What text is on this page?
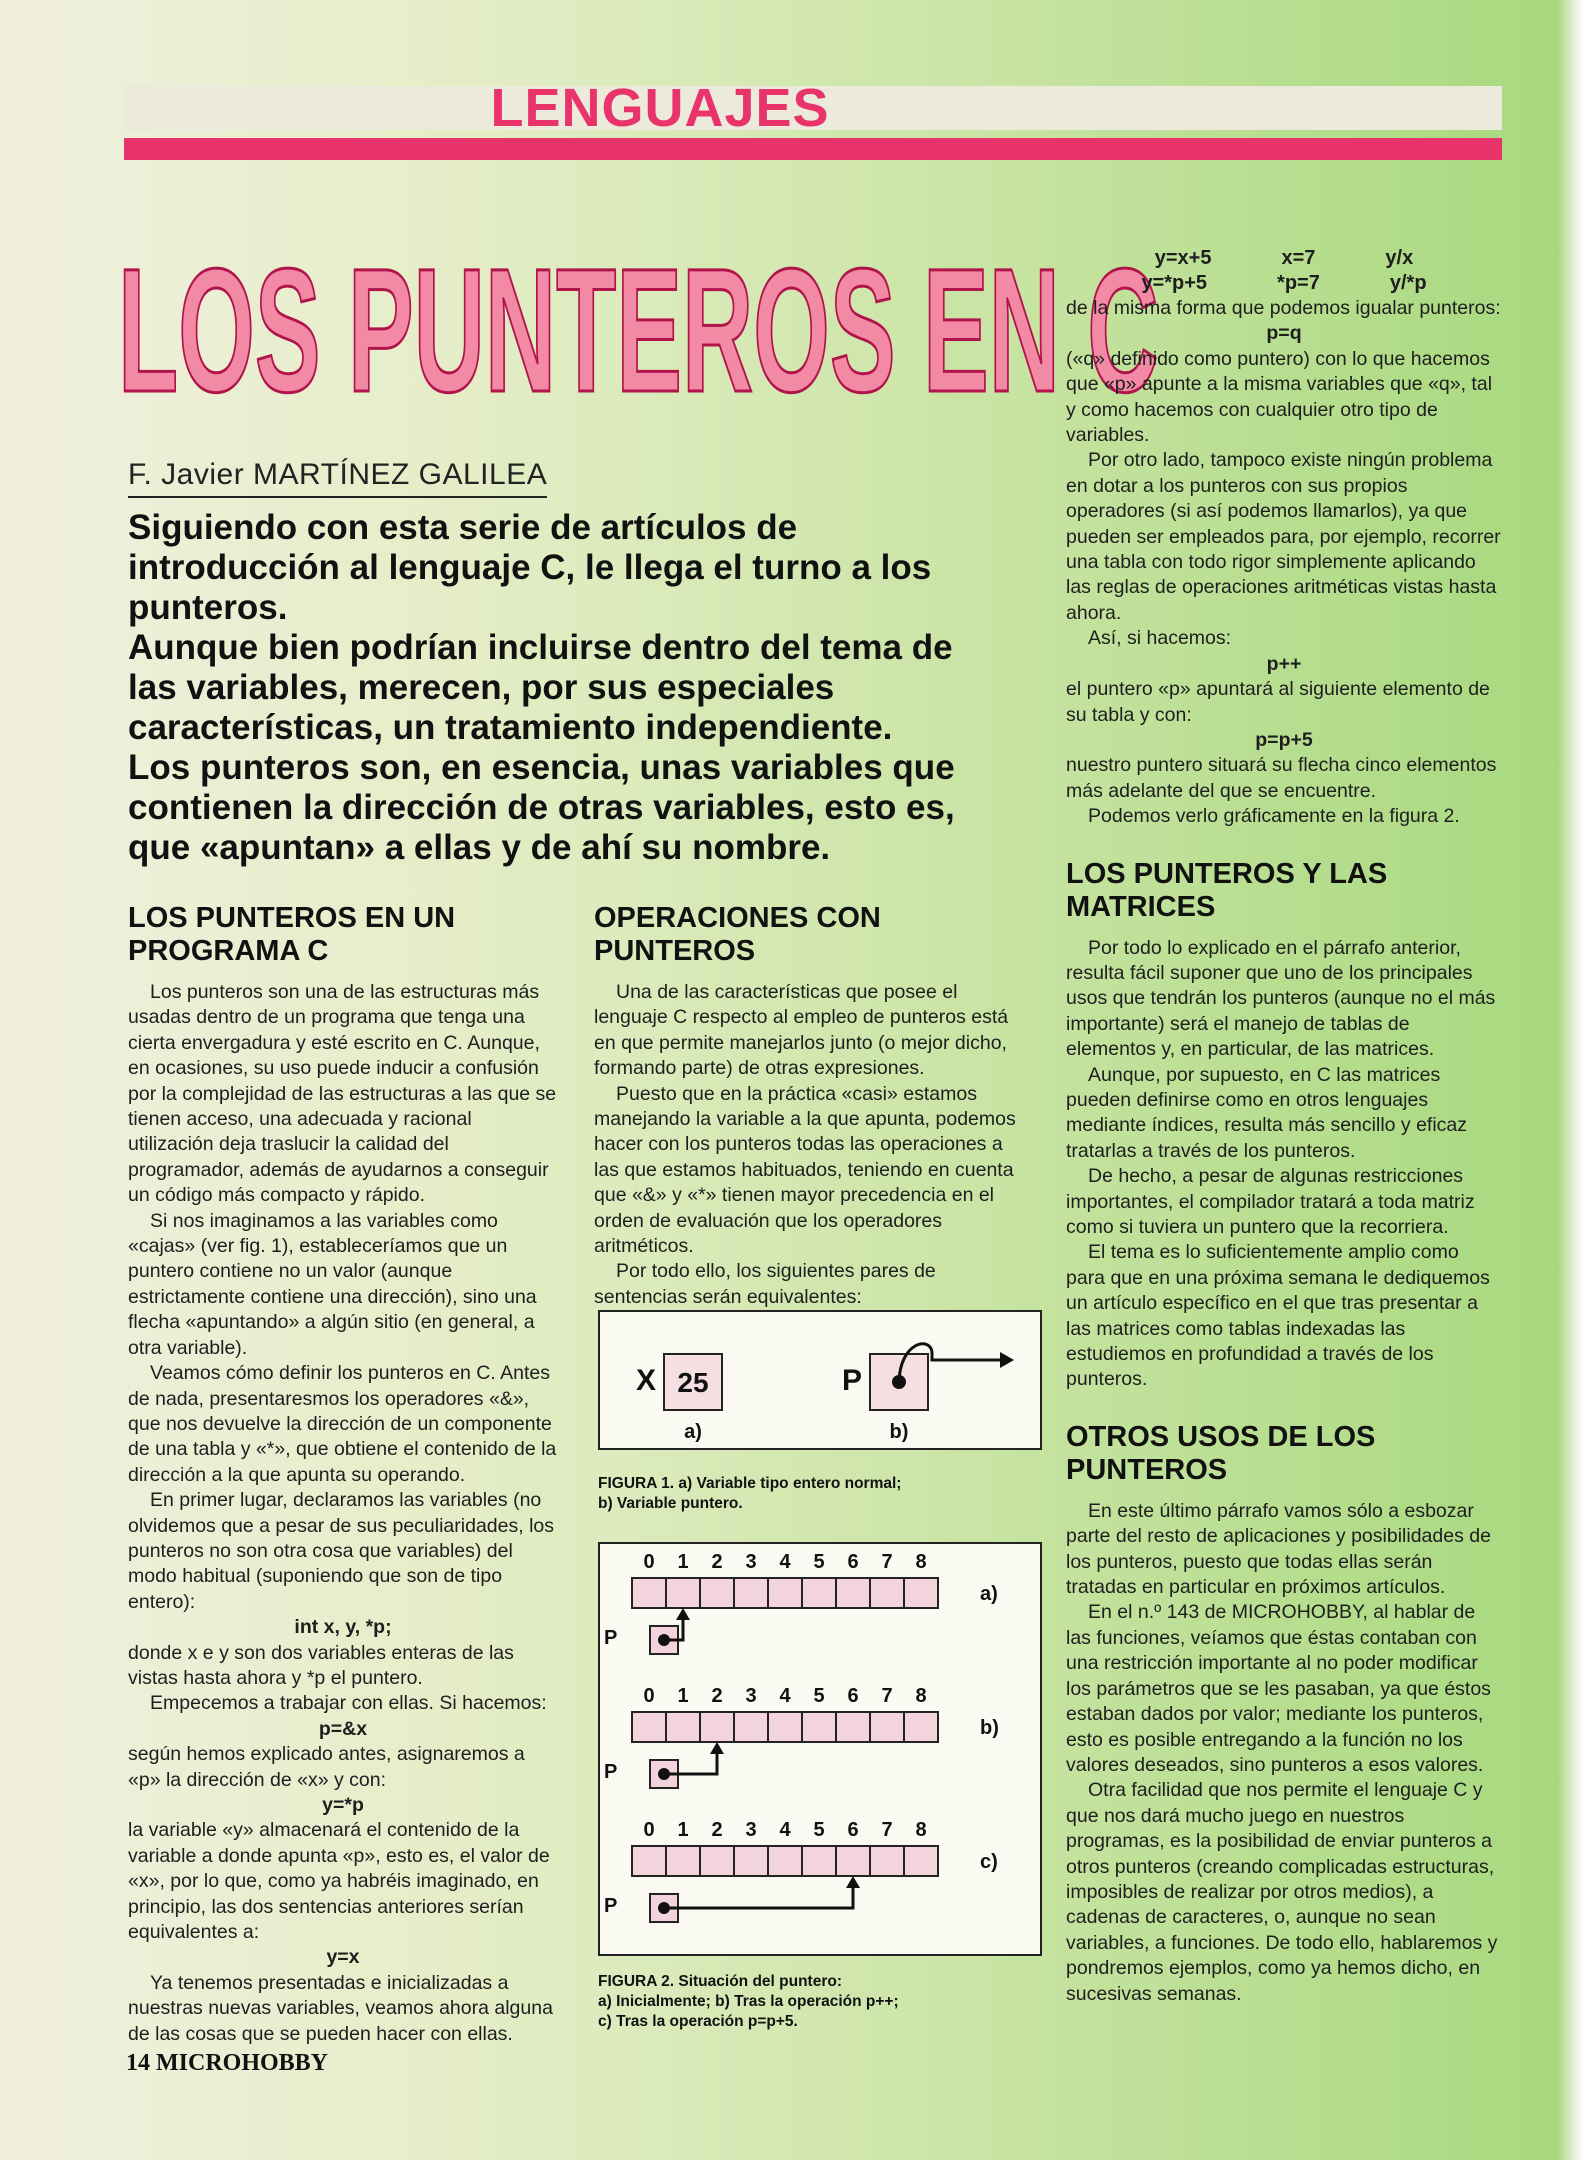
LENGUAJES
LOS PUNTEROS EN C
F. Javier MARTÍNEZ GALILEA

Siguiendo con esta serie de artículos de introducción al lenguaje C, le llega el turno a los punteros.

Aunque bien podrían incluirse dentro del tema de las variables, merecen, por sus especiales características, un tratamiento independiente.

Los punteros son, en esencia, unas variables que contienen la dirección de otras variables, esto es, que «apuntan» a ellas y de ahí su nombre.

LOS PUNTEROS EN UN PROGRAMA C

Los punteros son una de las estructuras más usadas dentro de un programa que tenga una cierta envergadura y esté escrito en C. Aunque, en ocasiones, su uso puede inducir a confusión por la complejidad de las estructuras a las que se tienen acceso, una adecuada y racional utilización deja traslucir la calidad del programador, además de ayudarnos a conseguir un código más compacto y rápido.

Si nos imaginamos a las variables como «cajas» (ver fig. 1), estableceríamos que un puntero contiene no un valor (aunque estrictamente contiene una dirección), sino una flecha «apuntando» a algún sitio (en general, a otra variable).

Veamos cómo definir los punteros en C. Antes de nada, presentaresmos los operadores «&», que nos devuelve la dirección de un componente de una tabla y «*», que obtiene el contenido de la dirección a la que apunta su operando.

En primer lugar, declaramos las variables (no olvidemos que a pesar de sus peculiaridades, los punteros no son otra cosa que variables) del modo habitual (suponiendo que son de tipo entero):

int x, y, *p;

donde x e y son dos variables enteras de las vistas hasta ahora y *p el puntero.

Empecemos a trabajar con ellas. Si hacemos:

p=&x

según hemos explicado antes, asignaremos a «p» la dirección de «x» y con:

y=*p

la variable «y» almacenará el contenido de la variable a donde apunta «p», esto es, el valor de «x», por lo que, como ya habréis imaginado, en principio, las dos sentencias anteriores serían equivalentes a:

y=x

Ya tenemos presentadas e inicializadas a nuestras nuevas variables, veamos ahora alguna de las cosas que se pueden hacer con ellas.

OPERACIONES CON PUNTEROS

Una de las características que posee el lenguaje C respecto al empleo de punteros está en que permite manejarlos junto (o mejor dicho, formando parte) de otras expresiones.

Puesto que en la práctica «casi» estamos manejando la variable a la que apunta, podemos hacer con los punteros todas las operaciones a las que estamos habituados, teniendo en cuenta que «&» y «*» tienen mayor precedencia en el orden de evaluación que los operadores aritméticos.

Por todo ello, los siguientes pares de sentencias serán equivalentes:

X 25
a)
P
b)
FIGURA 1. a) Variable tipo entero normal;
b) Variable puntero.
0 1 2 3 4 5 6 7 8
a)
P
0 1 2 3 4 5 6 7 8
b)
P
0 1 2 3 4 5 6 7 8
c)
P
FIGURA 2. Situación del puntero:
a) Inicialmente; b) Tras la operación p++;
c) Tras la operación p=p+5.
y=x+5	x=7	y/x
y=*p+5	*p=7	y/*p

de la misma forma que podemos igualar punteros:

p=q

(«q» definido como puntero) con lo que hacemos que «p» apunte a la misma variables que «q», tal y como hacemos con cualquier otro tipo de variables.

Por otro lado, tampoco existe ningún problema en dotar a los punteros con sus propios operadores (si así podemos llamarlos), ya que pueden ser empleados para, por ejemplo, recorrer una tabla con todo rigor simplemente aplicando las reglas de operaciones aritméticas vistas hasta ahora.

Así, si hacemos:

p++

el puntero «p» apuntará al siguiente elemento de su tabla y con:

p=p+5

nuestro puntero situará su flecha cinco elementos más adelante del que se encuentre.

Podemos verlo gráficamente en la figura 2.

LOS PUNTEROS Y LAS MATRICES

Por todo lo explicado en el párrafo anterior, resulta fácil suponer que uno de los principales usos que tendrán los punteros (aunque no el más importante) será el manejo de tablas de elementos y, en particular, de las matrices.

Aunque, por supuesto, en C las matrices pueden definirse como en otros lenguajes mediante índices, resulta más sencillo y eficaz tratarlas a través de los punteros.

De hecho, a pesar de algunas restricciones importantes, el compilador tratará a toda matriz como si tuviera un puntero que la recorriera.

El tema es lo suficientemente amplio como para que en una próxima semana le dediquemos un artículo específico en el que tras presentar a las matrices como tablas indexadas las estudiemos en profundidad a través de los punteros.

OTROS USOS DE LOS PUNTEROS

En este último párrafo vamos sólo a esbozar parte del resto de aplicaciones y posibilidades de los punteros, puesto que todas ellas serán tratadas en particular en próximos artículos.

En el n.º 143 de MICROHOBBY, al hablar de las funciones, veíamos que éstas contaban con una restricción importante al no poder modificar los parámetros que se les pasaban, ya que éstos estaban dados por valor; mediante los punteros, esto es posible entregando a la función no los valores deseados, sino punteros a esos valores.

Otra facilidad que nos permite el lenguaje C y que nos dará mucho juego en nuestros programas, es la posibilidad de enviar punteros a otros punteros (creando complicadas estructuras, imposibles de realizar por otros medios), a cadenas de caracteres, o, aunque no sean variables, a funciones. De todo ello, hablaremos y pondremos ejemplos, como ya hemos dicho, en sucesivas semanas.

14 MICROHOBBY
